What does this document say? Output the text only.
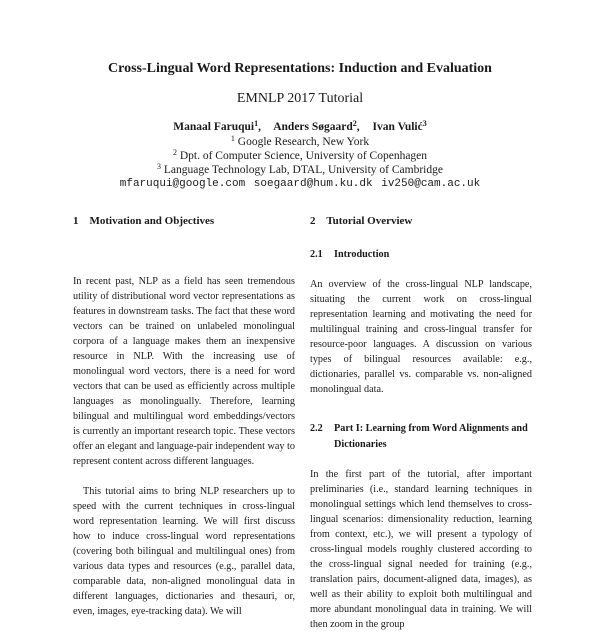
Cross-Lingual Word Representations: Induction and Evaluation
EMNLP 2017 Tutorial
Manaal Faruqui$^1$, Anders Søgaard$^2$, Ivan Vulić$^3$
$^1$ Google Research, New York
$^2$ Dpt. of Computer Science, University of Copenhagen
$^3$ Language Technology Lab, DTAL, University of Cambridge
mfaruqui@google.com soegaard@hum.ku.dk iv250@cam.ac.uk
1 Motivation and Objectives

In recent past, NLP as a field has seen tremendous utility of distributional word vector representations as features in downstream tasks. The fact that these word vectors can be trained on unlabeled monolingual corpora of a language makes them an inexpensive resource in NLP. With the increasing use of monolingual word vectors, there is a need for word vectors that can be used as efficiently across multiple languages as monolingually. Therefore, learning bilingual and multilingual word embeddings/vectors is currently an important research topic. These vectors offer an elegant and language-pair independent way to represent content across different languages.

This tutorial aims to bring NLP researchers up to speed with the current techniques in cross-lingual word representation learning. We will first discuss how to induce cross-lingual word representations (covering both bilingual and multilingual ones) from various data types and resources (e.g., parallel data, comparable data, non-aligned monolingual data in different languages, dictionaries and thesauri, or, even, images, eye-tracking data). We will

2 Tutorial Overview
2.1	Introduction

An overview of the cross-lingual NLP landscape, situating the current work on cross-lingual representation learning and motivating the need for multilingual training and cross-lingual transfer for resource-poor languages. A discussion on various types of bilingual resources available: e.g., dictionaries, parallel vs. comparable vs. non-aligned monolingual data.

2.2	Part I: Learning from Word Alignments and Dictionaries

In the first part of the tutorial, after important preliminaries (i.e., standard learning techniques in monolingual settings which lend themselves to cross-lingual scenarios: dimensionality reduction, learning from context, etc.), we will present a typology of cross-lingual models roughly clustered according to the cross-lingual signal needed for training (e.g., translation pairs, document-aligned data, images), as well as their ability to exploit both multilingual and more abundant monolingual data in training. We will then zoom in the group
